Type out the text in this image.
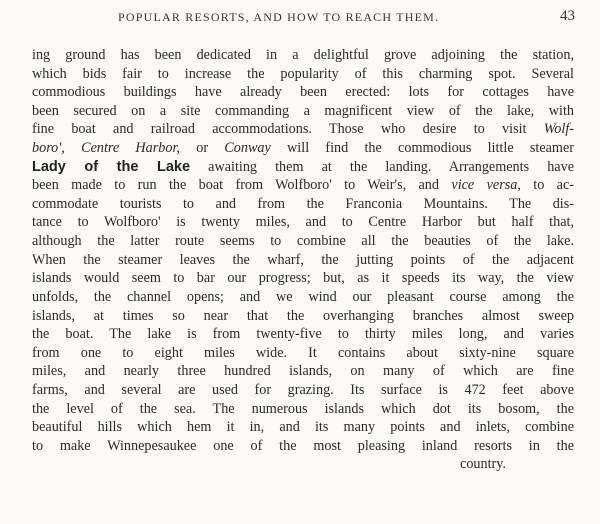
POPULAR RESORTS, AND HOW TO REACH THEM.	43
ing ground has been dedicated in a delightful grove adjoining the station,
which bids fair to increase the popularity of this charming spot. Several
commodious buildings have already been erected: lots for cottages have
been secured on a site commanding a magnificent view of the lake, with
fine boat and railroad accommodations. Those who desire to visit Wolf-
boro', Centre Harbor, or Conway will find the commodious little steamer
Lady of the Lake awaiting them at the landing. Arrangements have
been made to run the boat from Wolfboro' to Weir's, and vice versa, to ac-
commodate tourists to and from the Franconia Mountains. The dis-
tance to Wolfboro' is twenty miles, and to Centre Harbor but half that,
although the latter route seems to combine all the beauties of the lake.
When the steamer leaves the wharf, the jutting points of the adjacent
islands would seem to bar our progress; but, as it speeds its way, the view
unfolds, the channel opens; and we wind our pleasant course among the
islands, at times so near that the overhanging branches almost sweep
the boat. The lake is from twenty-five to thirty miles long, and varies
from one to eight miles wide. It contains about sixty-nine square
miles, and nearly three hundred islands, on many of which are fine
farms, and several are used for grazing. Its surface is 472 feet above
the level of the sea. The numerous islands which dot its bosom, the
beautiful hills which hem it in, and its many points and inlets, combine
to make Winnepesaukee one of the most pleasing inland resorts in the
country.
